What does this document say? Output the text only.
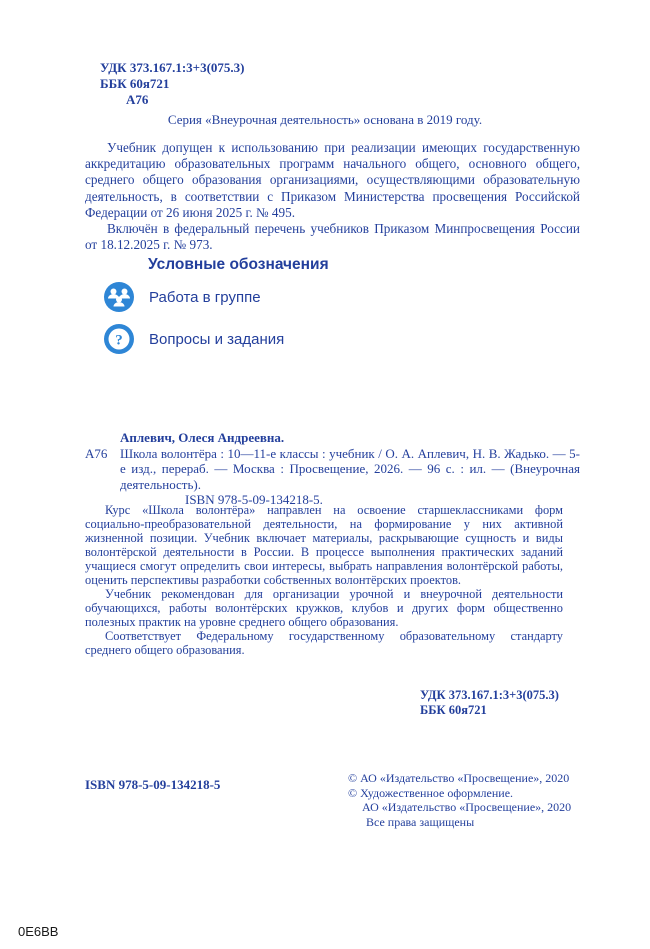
УДК 373.167.1:3+3(075.3)
ББК 60я721
А76
Серия «Внеурочная деятельность» основана в 2019 году.

Учебник допущен к использованию при реализации имеющих государственную аккредитацию образовательных программ начального общего, основного общего, среднего общего образования организациями, осуществляющими образовательную деятельность, в соответствии с Приказом Министерства просвещения Российской Федерации от 26 июня 2025 г. № 495.

Включён в федеральный перечень учебников Приказом Минпросвещения России от 18.12.2025 г. № 973.

Условные обозначения
Работа в группе
? Вопросы и задания
Аплевич, Олеся Андреевна.
А76 Школа волонтёра : 10—11-е классы : учебник / О. А. Аплевич, Н. В. Жадько. — 5-е изд., перераб. — Москва : Просвещение, 2026. — 96 с. : ил. — (Внеурочная деятельность).
ISBN 978-5-09-134218-5.

Курс «Школа волонтёра» направлен на освоение старшеклассниками форм социально-преобразовательной деятельности, на формирование у них активной жизненной позиции. Учебник включает материалы, раскрывающие сущность и виды волонтёрской деятельности в России. В процессе выполнения практических заданий учащиеся смогут определить свои интересы, выбрать направления волонтёрской работы, оценить перспективы разработки собственных волонтёрских проектов.

Учебник рекомендован для организации урочной и внеурочной деятельности обучающихся, работы волонтёрских кружков, клубов и других форм общественно полезных практик на уровне среднего общего образования.

Соответствует Федеральному государственному образовательному стандарту среднего общего образования.

УДК 373.167.1:3+3(075.3)
ББК 60я721
ISBN 978-5-09-134218-5	© АО «Издательство «Просвещение», 2020
© Художественное оформление.
АО «Издательство «Просвещение», 2020
Все права защищены
0Е6ВВ
